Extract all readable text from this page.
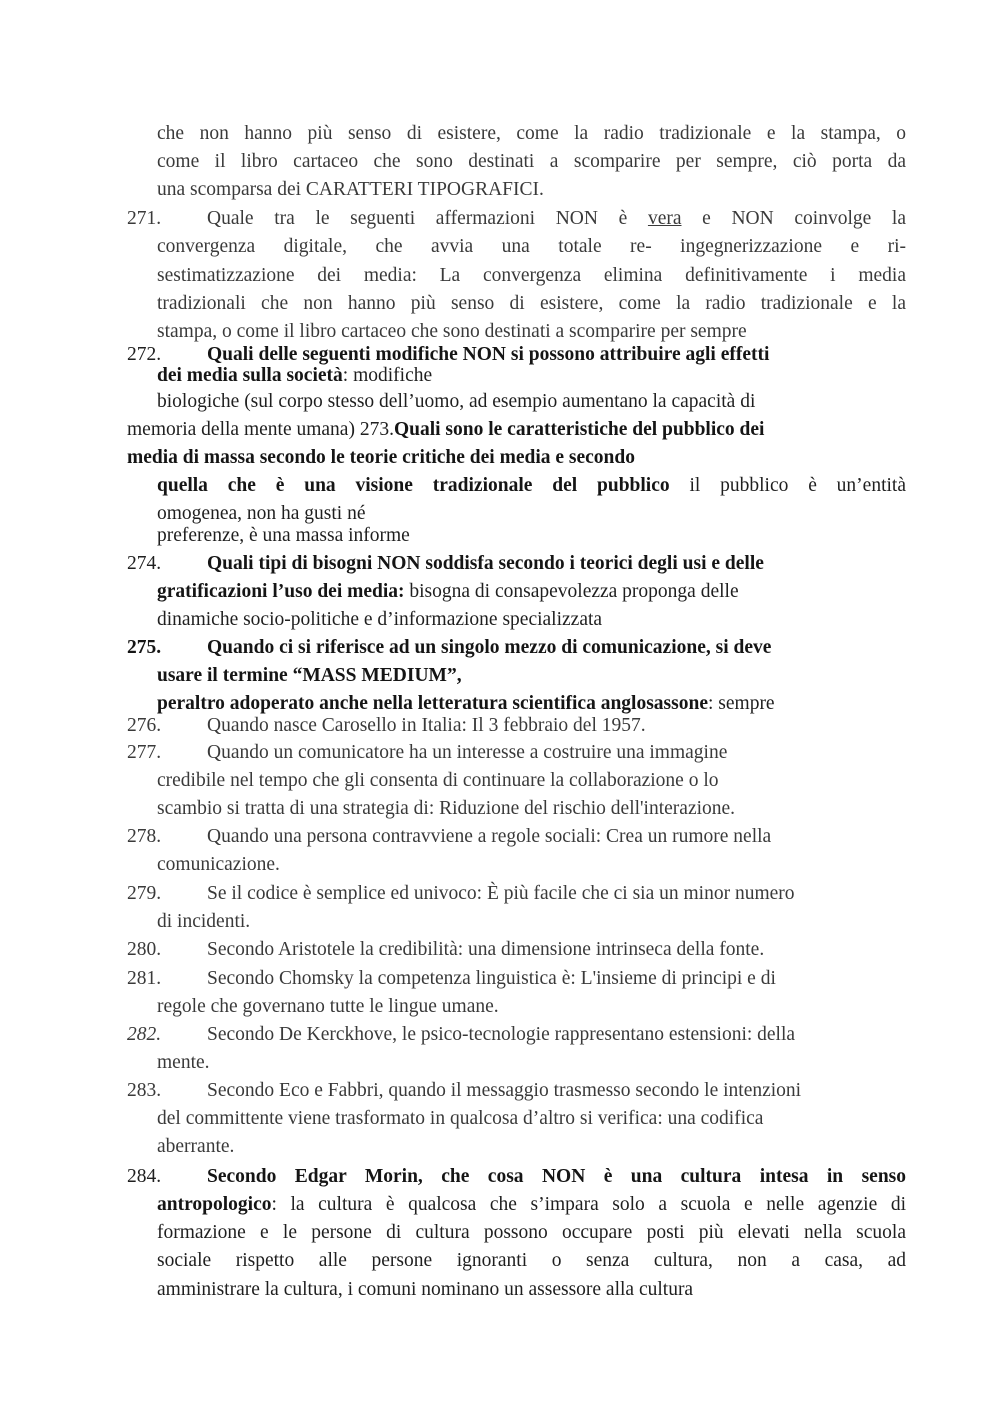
che non hanno più senso di esistere, come la radio tradizionale e la stampa, o
come il libro cartaceo che sono destinati a scomparire per sempre, ciò porta da
una scomparsa dei CARATTERI TIPOGRAFICI.
271. Quale tra le seguenti affermazioni NON è vera e NON coinvolge la
convergenza digitale, che avvia una totale re- ingegnerizzazione e ri-
sestimatizzazione dei media: La convergenza elimina definitivamente i media
tradizionali che non hanno più senso di esistere, come la radio tradizionale e la
stampa, o come il libro cartaceo che sono destinati a scomparire per sempre
272. Quali delle seguenti modifiche NON si possono attribuire agli effetti
dei media sulla società: modifiche
biologiche (sul corpo stesso dell’uomo, ad esempio aumentano la capacità di
memoria della mente umana) 273.Quali sono le caratteristiche del pubblico dei
media di massa secondo le teorie critiche dei media e secondo
quella che è una visione tradizionale del pubblico il pubblico è un’entità
omogenea, non ha gusti né
preferenze, è una massa informe
274. Quali tipi di bisogni NON soddisfa secondo i teorici degli usi e delle
gratificazioni l’uso dei media: bisogna di consapevolezza proponga delle
dinamiche socio-politiche e d’informazione specializzata
275. Quando ci si riferisce ad un singolo mezzo di comunicazione, si deve
usare il termine “MASS MEDIUM”,
peraltro adoperato anche nella letteratura scientifica anglosassone: sempre
276. Quando nasce Carosello in Italia: Il 3 febbraio del 1957.
277. Quando un comunicatore ha un interesse a costruire una immagine
credibile nel tempo che gli consenta di continuare la collaborazione o lo
scambio si tratta di una strategia di: Riduzione del rischio dell'interazione.
278. Quando una persona contravviene a regole sociali: Crea un rumore nella
comunicazione.
279. Se il codice è semplice ed univoco: È più facile che ci sia un minor numero
di incidenti.
280. Secondo Aristotele la credibilità: una dimensione intrinseca della fonte.
281. Secondo Chomsky la competenza linguistica è: L'insieme di principi e di
regole che governano tutte le lingue umane.
282. Secondo De Kerckhove, le psico-tecnologie rappresentano estensioni: della
mente.
283. Secondo Eco e Fabbri, quando il messaggio trasmesso secondo le intenzioni
del committente viene trasformato in qualcosa d’altro si verifica: una codifica
aberrante.
284. Secondo Edgar Morin, che cosa NON è una cultura intesa in senso
antropologico: la cultura è qualcosa che s’impara solo a scuola e nelle agenzie di
formazione e le persone di cultura possono occupare posti più elevati nella scuola
sociale rispetto alle persone ignoranti o senza cultura, non a casa, ad
amministrare la cultura, i comuni nominano un assessore alla cultura
